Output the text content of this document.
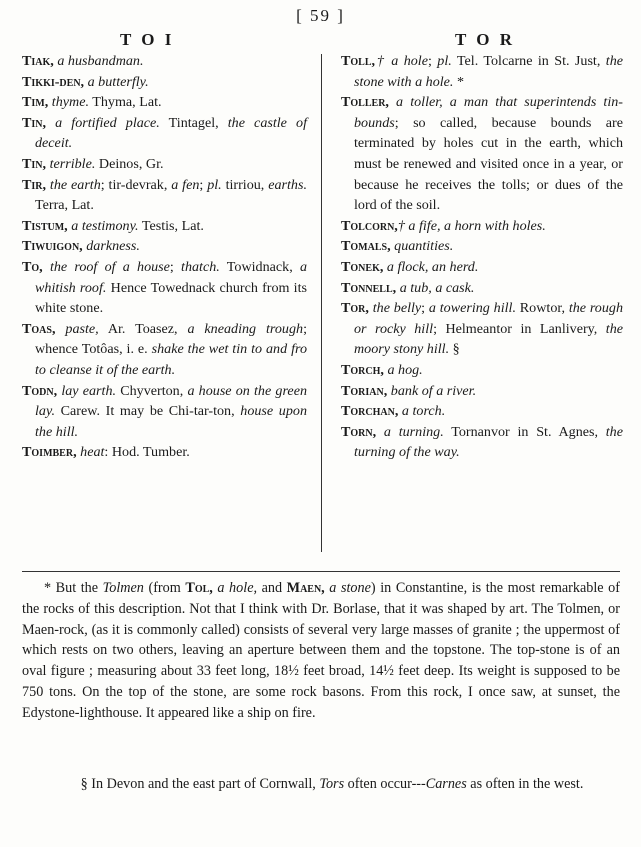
[ 59 ]
T O I	T O R
Tiak, a husbandman.
Tikki-den, a butterfly.
Tim, thyme. Thyma, Lat.
Tin, a fortified place. Tintagel, the castle of deceit.
Tin, terrible. Deinos, Gr.
Tir, the earth; tir-devrak, a fen; pl. tirriou, earths. Terra, Lat.
Tistum, a testimony. Testis, Lat.
Tiwuigon, darkness.
To, the roof of a house; thatch. Towidnack, a whitish roof. Hence Towednack church from its white stone.
Toas, paste, Ar. Toasez, a kneading trough; whence Totôas, i. e. shake the wet tin to and fro to cleanse it of the earth.
Todn, lay earth. Chyverton, a house on the green lay. Carew. It may be Chi-tar-ton, house upon the hill.
Toimber, heat: Hod. Tumber.
Toll,† a hole; pl. Tel. Tolcarne in St. Just, the stone with a hole. *
Toller, a toller, a man that superintends tin-bounds; so called, because bounds are terminated by holes cut in the earth, which must be renewed and visited once in a year, or because he receives the tolls; or dues of the lord of the soil.
Tolcorn,† a fife, a horn with holes.
Tomals, quantities.
Tonek, a flock, an herd.
Tonnell, a tub, a cask.
Tor, the belly; a towering hill. Rowtor, the rough or rocky hill; Helmeantor in Lanlivery, the moory stony hill. §
Torch, a hog.
Torian, bank of a river.
Torchan, a torch.
Torn, a turning. Tornanvor in St. Agnes, the turning of the way.
* But the Tolmen (from Tol, a hole, and Maen, a stone) in Constantine, is the most remarkable of the rocks of this description. Not that I think with Dr. Borlase, that it was shaped by art. The Tolmen, or Maen-rock, (as it is commonly called) consists of several very large masses of granite ; the uppermost of which rests on two others, leaving an aperture between them and the topstone. The top-stone is of an oval figure ; measuring about 33 feet long, 18½ feet broad, 14½ feet deep. Its weight is supposed to be 750 tons. On the top of the stone, are some rock basons. From this rock, I once saw, at sunset, the Edystone-lighthouse. It appeared like a ship on fire.
§ In Devon and the east part of Cornwall, Tors often occur---Carnes as often in the west.
